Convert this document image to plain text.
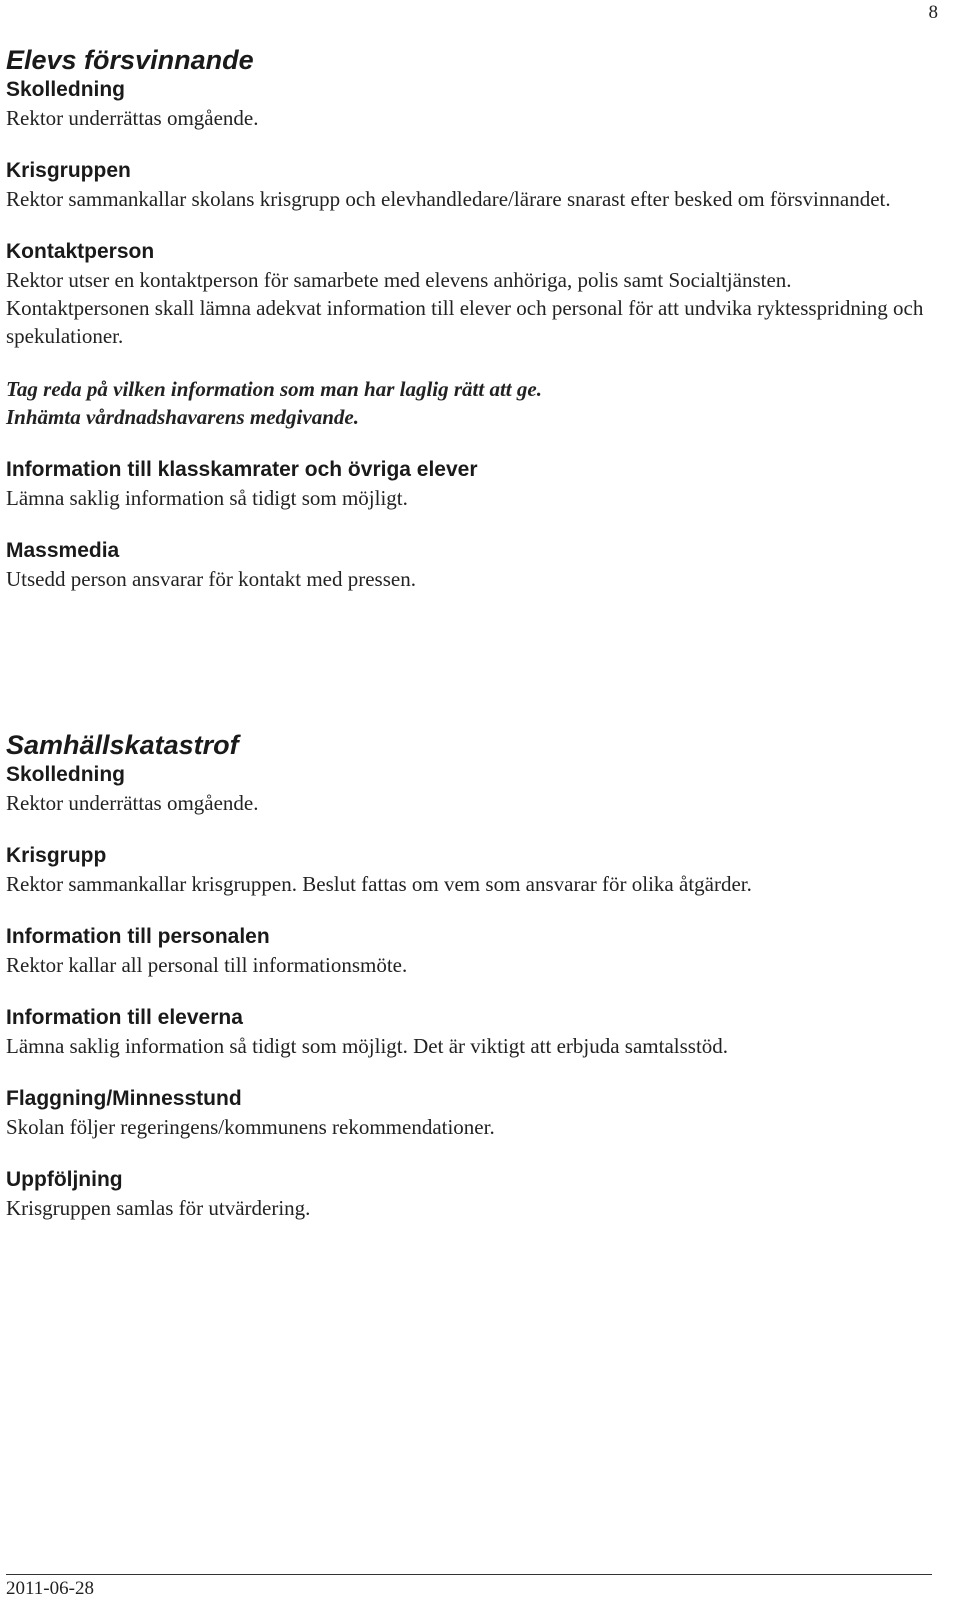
8
Elevs försvinnande

Skolledning

Rektor underrättas omgående.

Krisgruppen

Rektor sammankallar skolans krisgrupp och elevhandledare/lärare snarast efter besked om försvinnandet.

Kontaktperson

Rektor utser en kontaktperson för samarbete med elevens anhöriga, polis samt Socialtjänsten.

Kontaktpersonen skall lämna adekvat information till elever och personal för att undvika ryktesspridning och spekulationer.

Tag reda på vilken information som man har laglig rätt att ge.

Inhämta vårdnadshavarens medgivande.

Information till klasskamrater och övriga elever

Lämna saklig information så tidigt som möjligt.

Massmedia

Utsedd person ansvarar för kontakt med pressen.

Samhällskatastrof

Skolledning

Rektor underrättas omgående.

Krisgrupp

Rektor sammankallar krisgruppen. Beslut fattas om vem som ansvarar för olika åtgärder.

Information till personalen

Rektor kallar all personal till informationsmöte.

Information till eleverna

Lämna saklig information så tidigt som möjligt. Det är viktigt att erbjuda samtalsstöd.

Flaggning/Minnesstund

Skolan följer regeringens/kommunens rekommendationer.

Uppföljning

Krisgruppen samlas för utvärdering.

2011-06-28
